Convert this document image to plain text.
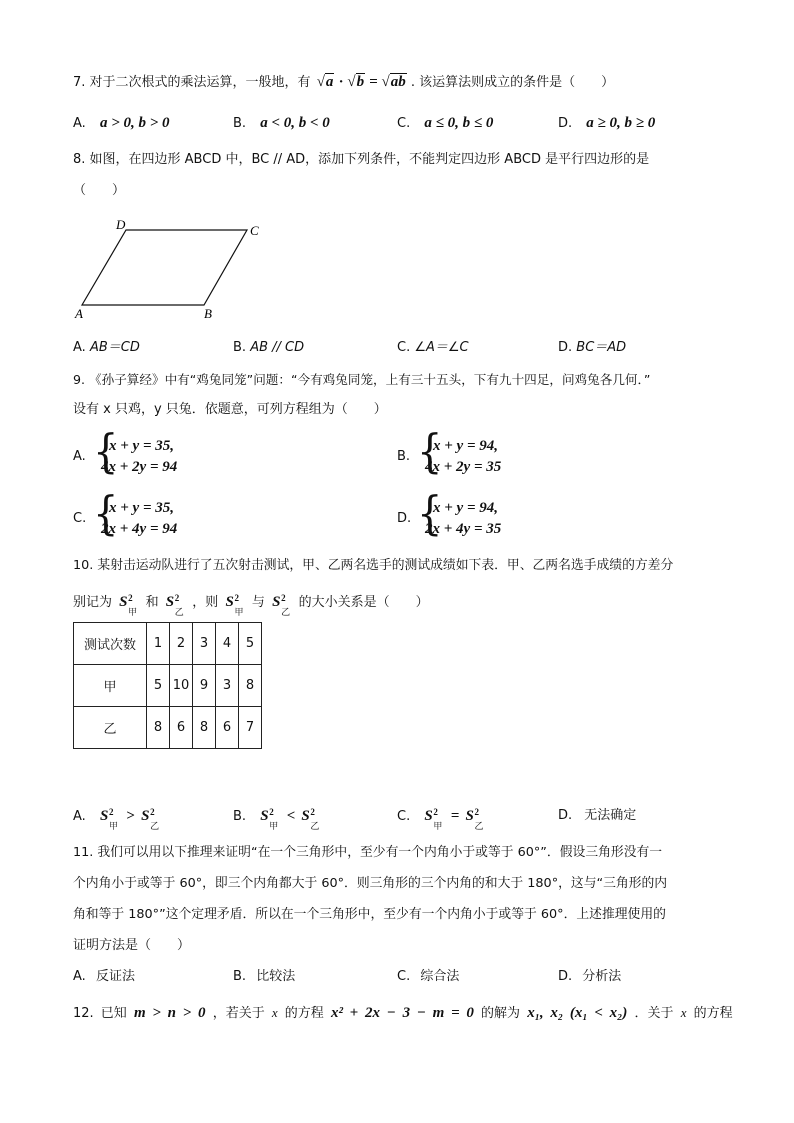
7. 对于二次根式的乘法运算，一般地，有 √a · √b = √ab . 该运算法则成立的条件是（　　）
A. a > 0, b > 0	B. a < 0, b < 0	C. a ≤ 0, b ≤ 0	D. a ≥ 0, b ≥ 0
8. 如图，在四边形 ABCD 中，BC // AD，添加下列条件，不能判定四边形 ABCD 是平行四边形的是
（　　）
D	C
A	B
A. AB＝CD	B. AB // CD	C. ∠A＝∠C	D. BC＝AD
9. 《孙子算经》中有“鸡兔同笼”问题：“今有鸡兔同笼，上有三十五头，下有九十四足，问鸡兔各几何．”
设有 x 只鸡，y 只兔．依题意，可列方程组为（　　）
A. {
x + y = 35,
4x + 2y = 94
B. {
x + y = 94,
4x + 2y = 35
C. {
x + y = 35,
2x + 4y = 94
D. {
x + y = 94,
2x + 4y = 35
10. 某射击运动队进行了五次射击测试，甲、乙两名选手的测试成绩如下表．甲、乙两名选手成绩的方差分
别记为 S 2
甲
和 S 2
乙
，则 S 2
甲
与 S 2
乙
的大小关系是（　　）
测试次数	1	2	3	4	5
甲	5	10	9	3	8
乙	8	6	8	6	7
A. S 2
甲
> S 2
乙
B. S 2
甲
< S 2
乙
C. S 2
甲
= S 2
乙
D. 无法确定
11. 我们可以用以下推理来证明“在一个三角形中，至少有一个内角小于或等于 60°”．假设三角形没有一
个内角小于或等于 60°，即三个内角都大于 60°．则三角形的三个内角的和大于 180°，这与“三角形的内
角和等于 180°”这个定理矛盾．所以在一个三角形中，至少有一个内角小于或等于 60°．上述推理使用的
证明方法是（　　）
A. 反证法	B. 比较法	C. 综合法	D. 分析法
12. 已知 m > n > 0 ，若关于 x 的方程 x² + 2x − 3 − m = 0 的解为 x₁, x₂ (x₁ < x₂) ．关于 x 的方程
